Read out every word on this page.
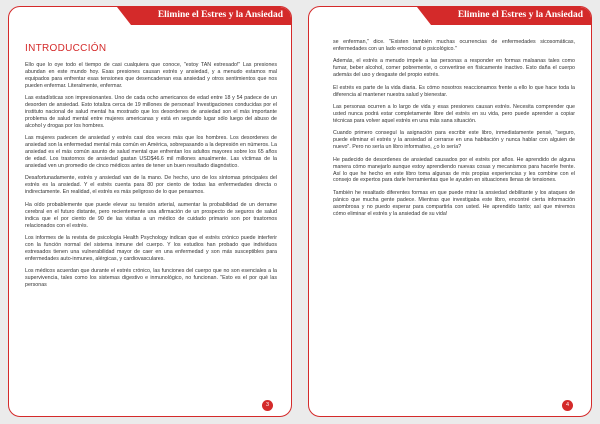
Elimine el Estres y la Ansiedad
INTRODUCCIÓN

Ello que lo oye todo el tiempo de casi cualquiera que conoce, "estoy TAN estresado!" Las presiones abundan en este mundo hoy. Esas presiones causan estrés y ansiedad, y a menudo estamos mal equipados para enfrentar esas tensiones que desencadenan esa ansiedad y otros sentimientos que nos pueden enfermar. Literalmente, enfermar.

Las estadísticas son impresionantes. Uno de cada ocho americanos de edad entre 18 y 54 padece de un desorden de ansiedad. Esto totaliza cerca de 19 millones de personas! Investigaciones conducidas por el instituto nacional de salud mental ha mostrado que los desordenes de ansiedad son el más importante problema de salud mental entre mujeres americanas y está en segundo lugar sólo luego del abuso de alcohol y drogas por los hombres.

Las mujeres padecen de ansiedad y estrés casi dos veces más que los hombres. Los desordenes de ansiedad son la enfermedad mental más común en América, sobrepasando a la depresión en números. La ansiedad es el más común asunto de salud mental que enfrentan los adultos mayores sobre los 65 años de edad. Los trastornos de ansiedad gastan USD$46.6 mil millones anualmente. Las víctimas de la ansiedad ven un promedio de cinco médicos antes de tener un buen resultado diagnóstico.

Desafortunadamente, estrés y ansiedad van de la mano. De hecho, uno de los síntomas principales del estrés es la ansiedad. Y el estrés cuenta para 80 por ciento de todas las enfermedades directa o indirectamente. En realidad, el estrés es más peligroso de lo que pensamos.

Ha oído probablemente que puede elevar su tensión arterial, aumentar la probabilidad de un derrame cerebral en el futuro distante, pero recientemente una afirmación de un prospecto de seguros de salud indica que el por ciento de 90 de las visitas a un médico de cuidado primario son por trastornos relacionados con el estrés.

Los informes de la revista de psicología Health Psychology indican que el estrés crónico puede interferir con la función normal del sistema inmune del cuerpo. Y los estudios han probado que individuos estresados tienen una vulnerabilidad mayor de caer en una enfermedad y son más susceptibles para enfermedades auto-inmunes, alérgicas, y cardiovasculares.

Los médicos acuerdan que durante el estrés crónico, las funciones del cuerpo que no son esenciales a la supervivencia, tales como los sistemas digestivo e inmunológico, no funcionan. "Esto es el por qué las personas

3
Elimine el Estres y la Ansiedad

se enferman," dice. "Existen también muchas ocurrencias de enfermedades sicosomáticas, enfermedades con un lado emocional o psicológico."

Además, el estrés a menudo impele a las personas a responder en formas malsanas tales como fumar, beber alcohol, comer pobremente, o convertirse en físicamente inactivo. Esto daña el cuerpo además del uso y desgaste del propio estrés.

El estrés es parte de la vida diaria. Es cómo nosotros reaccionamos frente a ello lo que hace toda la diferencia al mantener nuestra salud y bienestar.

Las personas ocurren a lo largo de vida y esas presiones causan estrés. Necesita comprender que usted nunca podrá estar completamente libre del estrés en su vida, pero puede aprender a copiar técnicas para volver aquel estrés en una más sana situación.

Cuando primero conseguí la asignación para escribir este libro, inmediatamente pensé, "seguro, puede eliminar el estrés y la ansiedad al cerrarse en una habitación y nunca hablar con alguien de nuevo". Pero no sería un libro informativo, ¿o lo sería?

He padecido de desordenes de ansiedad causados por el estrés por años. He aprendido de alguna manera cómo manejarlo aunque estoy aprendiendo nuevas cosas y mecanismos para hacerle frente. Así lo que he hecho en este libro toma algunas de mis propias experiencias y les combine con el consejo de expertos para darle herramientas que le ayuden en situaciones llenas de tensiones.

También he resaltado diferentes formas en que puede mirar la ansiedad debilitante y los ataques de pánico que mucha gente padece. Mientras que investigaba este libro, encontré cierta información asombrosa y no puedo esperar para compartirla con usted. He aprendido tanto; así que miremos cómo eliminar el estrés y la ansiedad de su vida!

4
